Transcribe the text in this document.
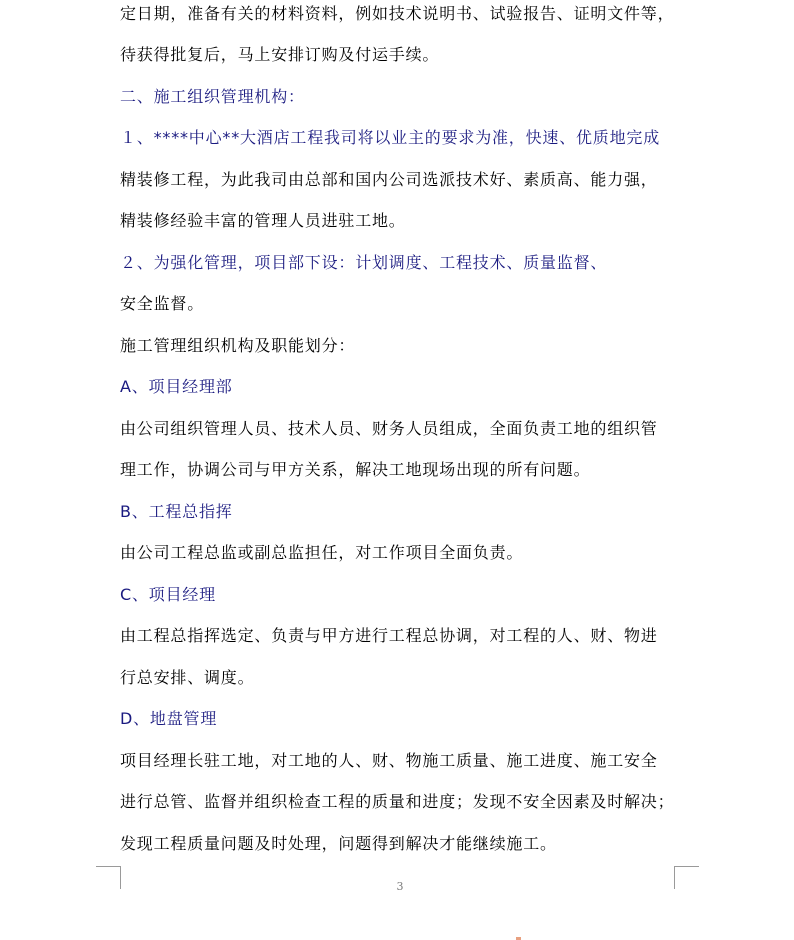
定日期，准备有关的材料资料，例如技术说明书、试验报告、证明文件等，
待获得批复后，马上安排订购及付运手续。
二、施工组织管理机构：
１、****中心**大酒店工程我司将以业主的要求为准，快速、优质地完成
精装修工程，为此我司由总部和国内公司选派技术好、素质高、能力强，
精装修经验丰富的管理人员进驻工地。
２、为强化管理，项目部下设：计划调度、工程技术、质量监督、
安全监督。
施工管理组织机构及职能划分：
A、项目经理部
由公司组织管理人员、技术人员、财务人员组成，全面负责工地的组织管
理工作，协调公司与甲方关系，解决工地现场出现的所有问题。
B、工程总指挥
由公司工程总监或副总监担任，对工作项目全面负责。
C、项目经理
由工程总指挥选定、负责与甲方进行工程总协调，对工程的人、财、物进
行总安排、调度。
D、地盘管理
项目经理长驻工地，对工地的人、财、物施工质量、施工进度、施工安全
进行总管、监督并组织检查工程的质量和进度；发现不安全因素及时解决；
发现工程质量问题及时处理，问题得到解决才能继续施工。
3
